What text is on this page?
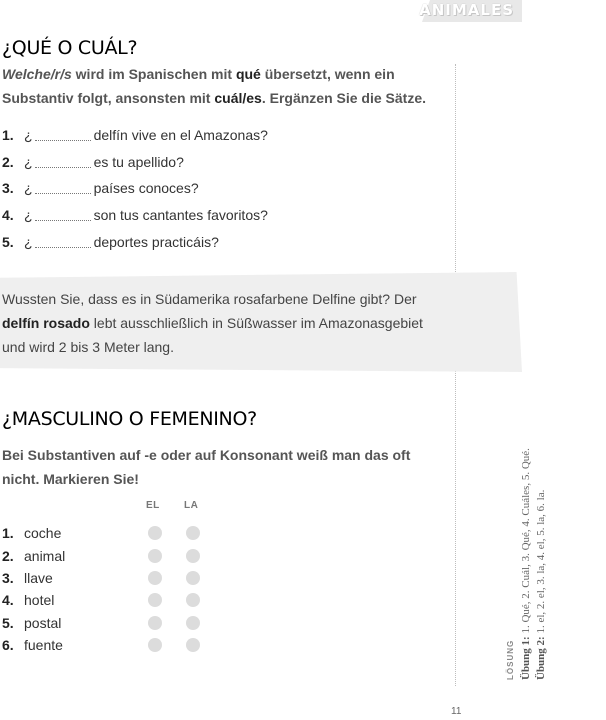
ANIMALES
¿QUÉ O CUÁL?

Welche/r/s wird im Spanischen mit qué übersetzt, wenn ein Substantiv folgt, ansonsten mit cuál/es. Ergänzen Sie die Sätze.

1. ¿	delfín vive en el Amazonas?
2. ¿	es tu apellido?
3. ¿	países conoces?
4. ¿	son tus cantantes favoritos?
5. ¿	deportes practicáis?

Wussten Sie, dass es in Südamerika rosafarbene Delfine gibt? Der delfín rosado lebt ausschließlich in Süßwasser im Amazonasgebiet und wird 2 bis 3 Meter lang.

¿MASCULINO O FEMENINO?

Bei Substantiven auf -e oder auf Konsonant weiß man das oft nicht. Markieren Sie!

EL LA
1. coche
2. animal
3. llave
4. hotel
5. postal
6. fuente	LÖSUNG Übung 1: 1. Qué, 2. Cuál, 3. Qué, 4. Cuáles, 5. Qué.
Übung 2: 1. el, 2. el, 3. la, 4. el, 5. la, 6. la.
11
